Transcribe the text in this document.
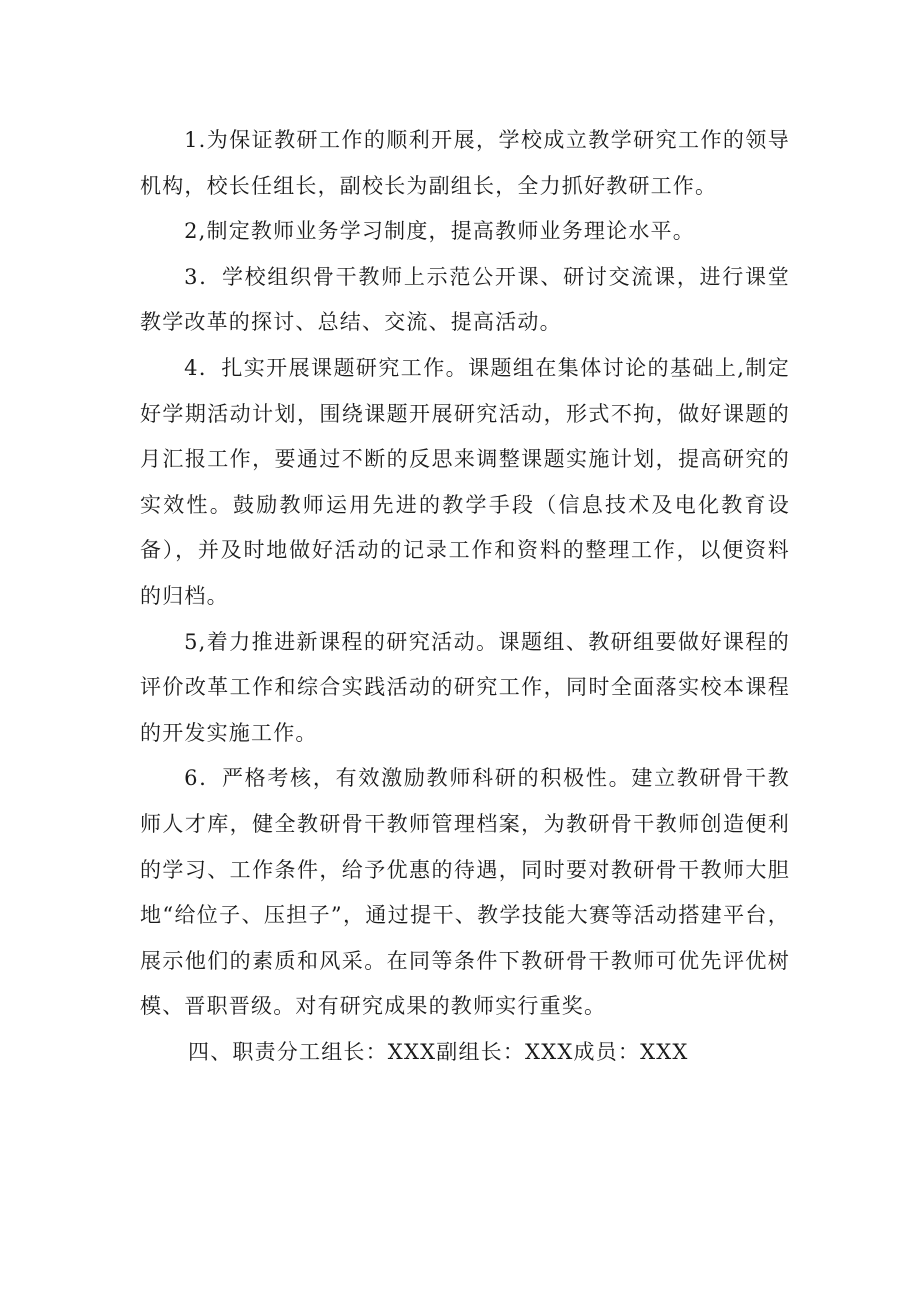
1.为保证教研工作的顺利开展，学校成立教学研究工作的领导机构，校长任组长，副校长为副组长，全力抓好教研工作。

2,制定教师业务学习制度，提高教师业务理论水平。

3．学校组织骨干教师上示范公开课、研讨交流课，进行课堂教学改革的探讨、总结、交流、提高活动。

4．扎实开展课题研究工作。课题组在集体讨论的基础上,制定好学期活动计划，围绕课题开展研究活动，形式不拘，做好课题的月汇报工作，要通过不断的反思来调整课题实施计划，提高研究的实效性。鼓励教师运用先进的教学手段（信息技术及电化教育设备），并及时地做好活动的记录工作和资料的整理工作，以便资料的归档。

5,着力推进新课程的研究活动。课题组、教研组要做好课程的评价改革工作和综合实践活动的研究工作，同时全面落实校本课程的开发实施工作。

6．严格考核，有效激励教师科研的积极性。建立教研骨干教师人才库，健全教研骨干教师管理档案，为教研骨干教师创造便利的学习、工作条件，给予优惠的待遇，同时要对教研骨干教师大胆地“给位子、压担子”，通过提干、教学技能大赛等活动搭建平台，展示他们的素质和风采。在同等条件下教研骨干教师可优先评优树模、晋职晋级。对有研究成果的教师实行重奖。

四、职责分工组长：XXX副组长：XXX成员：XXX
